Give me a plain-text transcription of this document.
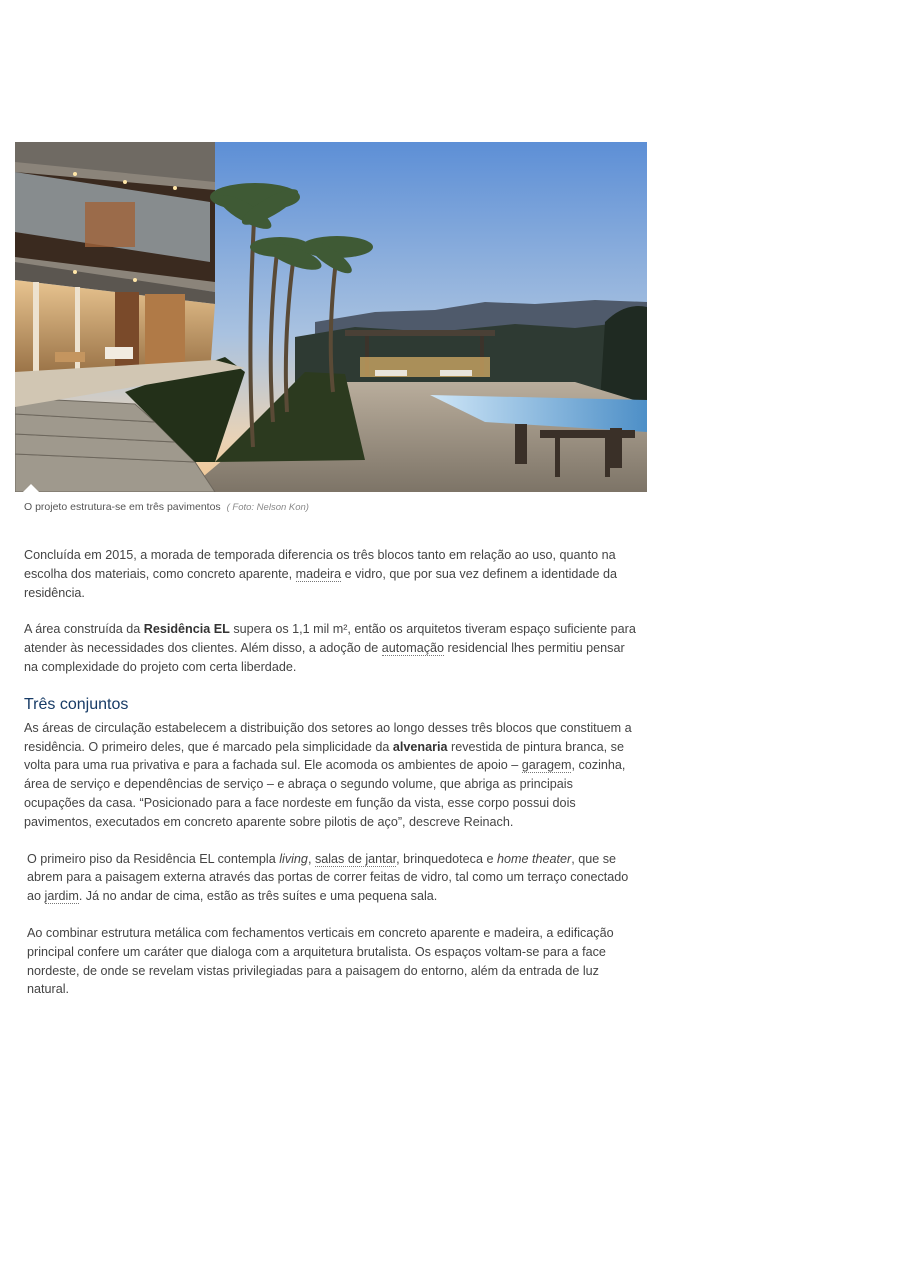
O projeto estrutura-se em três pavimentos ( Foto: Nelson Kon)

Concluída em 2015, a morada de temporada diferencia os três blocos tanto em relação ao uso, quanto na escolha dos materiais, como concreto aparente, madeira e vidro, que por sua vez definem a identidade da residência.

A área construída da Residência EL supera os 1,1 mil m², então os arquitetos tiveram espaço suficiente para atender às necessidades dos clientes. Além disso, a adoção de automação residencial lhes permitiu pensar na complexidade do projeto com certa liberdade.

Três conjuntos

As áreas de circulação estabelecem a distribuição dos setores ao longo desses três blocos que constituem a residência. O primeiro deles, que é marcado pela simplicidade da alvenaria revestida de pintura branca, se volta para uma rua privativa e para a fachada sul. Ele acomoda os ambientes de apoio – garagem, cozinha, área de serviço e dependências de serviço – e abraça o segundo volume, que abriga as principais ocupações da casa. “Posicionado para a face nordeste em função da vista, esse corpo possui dois pavimentos, executados em concreto aparente sobre pilotis de aço”, descreve Reinach.

O primeiro piso da Residência EL contempla living, salas de jantar, brinquedoteca e home theater, que se abrem para a paisagem externa através das portas de correr feitas de vidro, tal como um terraço conectado ao jardim. Já no andar de cima, estão as três suítes e uma pequena sala.

Ao combinar estrutura metálica com fechamentos verticais em concreto aparente e madeira, a edificação principal confere um caráter que dialoga com a arquitetura brutalista. Os espaços voltam-se para a face nordeste, de onde se revelam vistas privilegiadas para a paisagem do entorno, além da entrada de luz natural.
